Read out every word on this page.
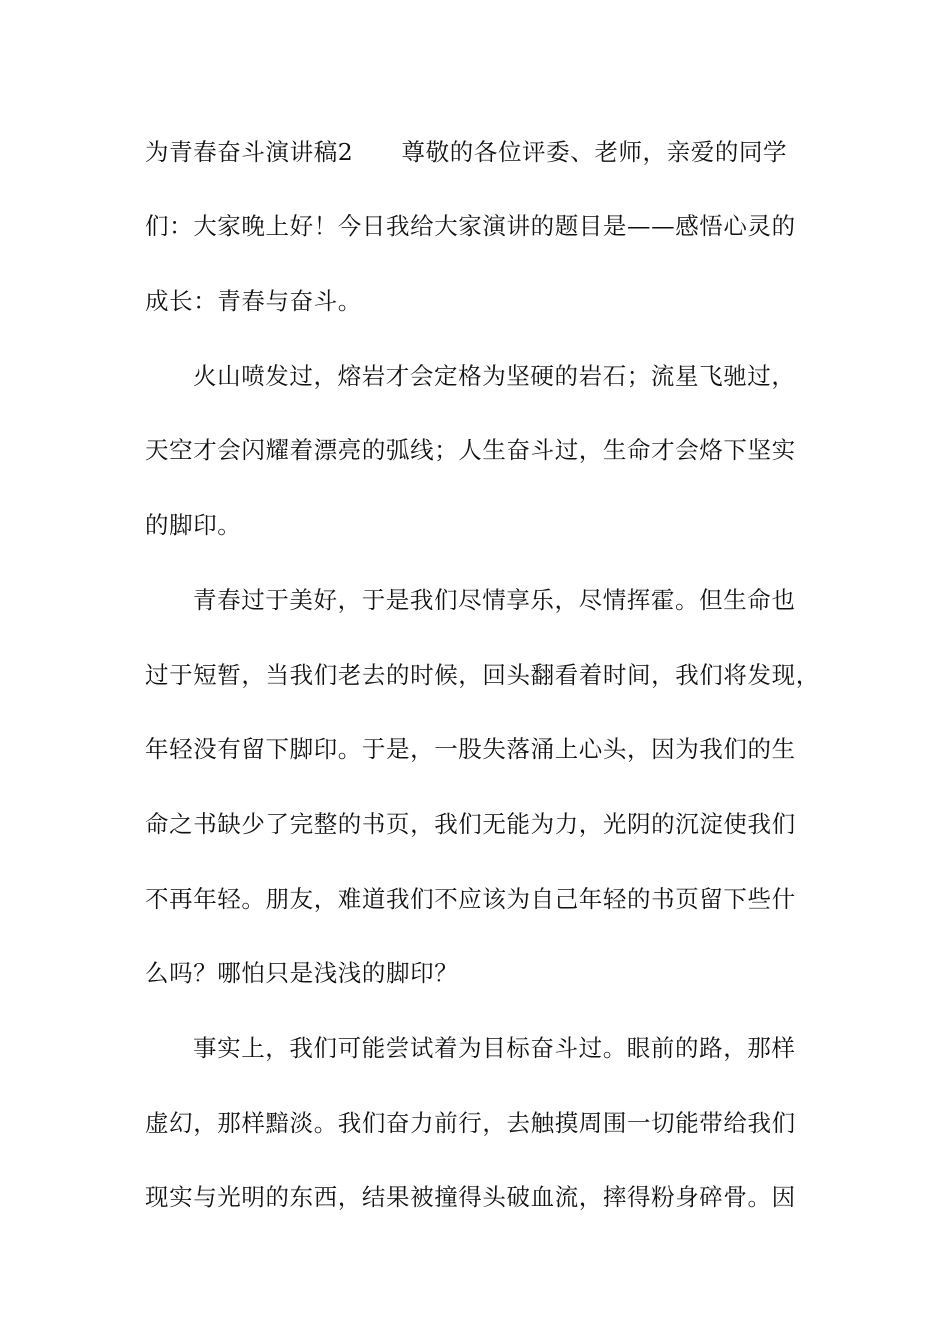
为青春奋斗演讲稿2　　尊敬的各位评委、老师，亲爱的同学
们：大家晚上好！今日我给大家演讲的题目是——感悟心灵的
成长：青春与奋斗。
火山喷发过，熔岩才会定格为坚硬的岩石；流星飞驰过，
天空才会闪耀着漂亮的弧线；人生奋斗过，生命才会烙下坚实
的脚印。
青春过于美好，于是我们尽情享乐，尽情挥霍。但生命也
过于短暂，当我们老去的时候，回头翻看着时间，我们将发现，
年轻没有留下脚印。于是，一股失落涌上心头，因为我们的生
命之书缺少了完整的书页，我们无能为力，光阴的沉淀使我们
不再年轻。朋友，难道我们不应该为自己年轻的书页留下些什
么吗？哪怕只是浅浅的脚印？
事实上，我们可能尝试着为目标奋斗过。眼前的路，那样
虚幻，那样黯淡。我们奋力前行，去触摸周围一切能带给我们
现实与光明的东西，结果被撞得头破血流，摔得粉身碎骨。因
